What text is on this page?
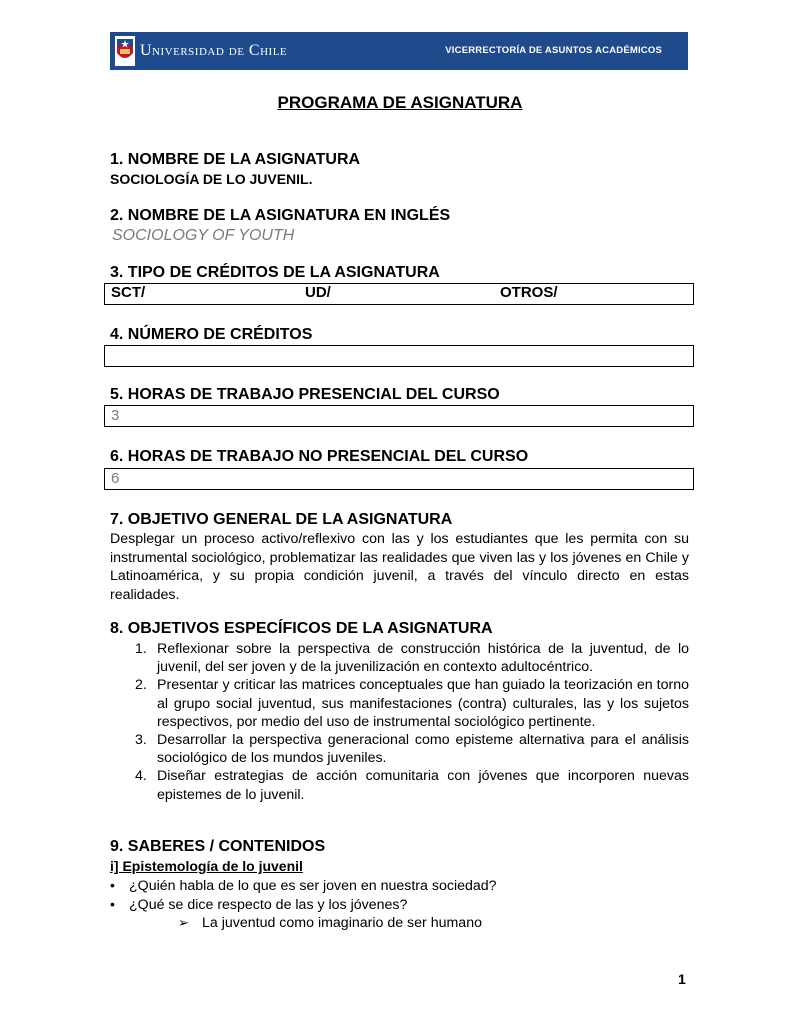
Universidad de Chile	VICERRECTORÍA DE ASUNTOS ACADÉMICOS
PROGRAMA DE ASIGNATURA
1. NOMBRE DE LA ASIGNATURA
SOCIOLOGÍA DE LO JUVENIL.
2. NOMBRE DE LA ASIGNATURA EN INGLÉS
SOCIOLOGY OF YOUTH
3. TIPO DE CRÉDITOS DE LA ASIGNATURA
SCT/	UD/	OTROS/
4. NÚMERO DE CRÉDITOS
5. HORAS DE TRABAJO PRESENCIAL DEL CURSO
3
6. HORAS DE TRABAJO NO PRESENCIAL DEL CURSO
6
7. OBJETIVO GENERAL DE LA ASIGNATURA
Desplegar un proceso activo/reflexivo con las y los estudiantes que les permita con su instrumental sociológico, problematizar las realidades que viven las y los jóvenes en Chile y Latinoamérica, y su propia condición juvenil, a través del vínculo directo en estas realidades.
8. OBJETIVOS ESPECÍFICOS DE LA ASIGNATURA
1. Reflexionar sobre la perspectiva de construcción histórica de la juventud, de lo juvenil, del ser joven y de la juvenilización en contexto adultocéntrico.
2. Presentar y criticar las matrices conceptuales que han guiado la teorización en torno al grupo social juventud, sus manifestaciones (contra) culturales, las y los sujetos respectivos, por medio del uso de instrumental sociológico pertinente.
3. Desarrollar la perspectiva generacional como episteme alternativa para el análisis sociológico de los mundos juveniles.
4. Diseñar estrategias de acción comunitaria con jóvenes que incorporen nuevas epistemes de lo juvenil.
9. SABERES / CONTENIDOS
i] Epistemología de lo juvenil
• ¿Quién habla de lo que es ser joven en nuestra sociedad?
• ¿Qué se dice respecto de las y los jóvenes?
➢ La juventud como imaginario de ser humano
1
